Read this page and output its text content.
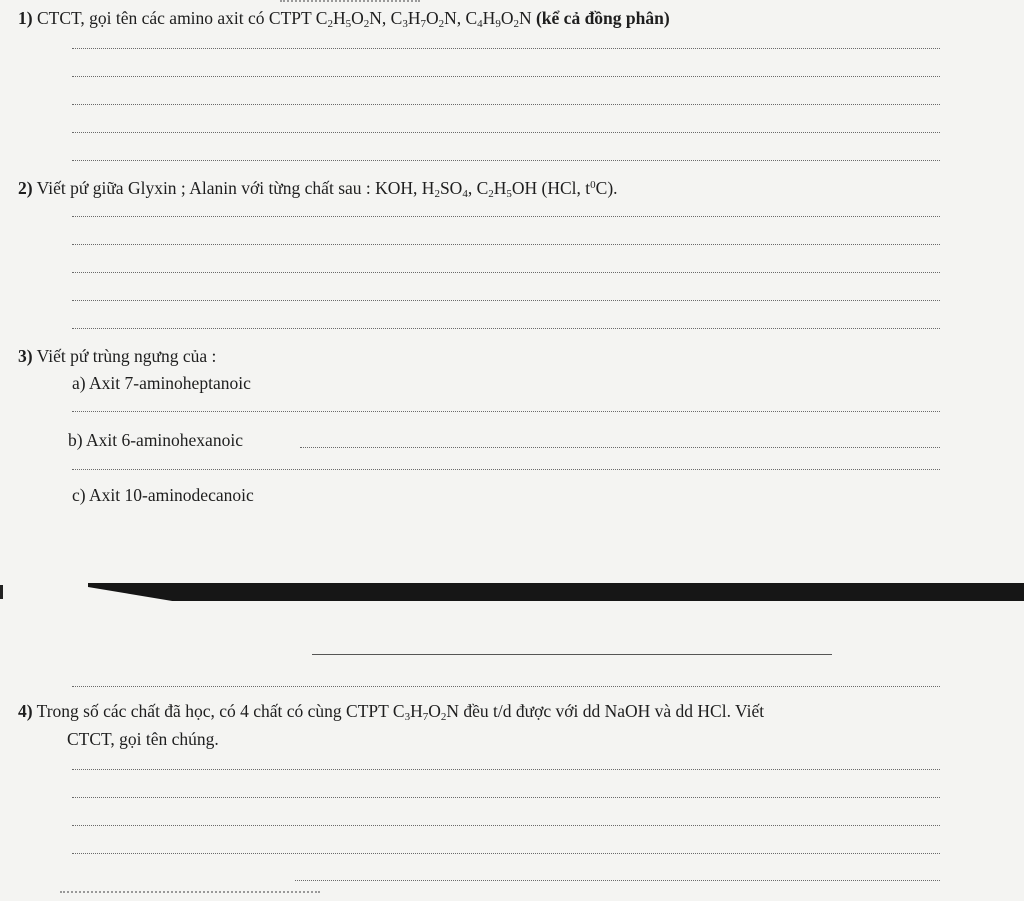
1) CTCT, gọi tên các amino axit có CTPT $C_2H_5O_2N$, $C_3H_7O_2N$, $C_4H_9O_2N$ (kể cả đồng phân)
2) Viết pứ giữa Glyxin ; Alanin với từng chất sau : KOH, $H_2SO_4$, $C_2H_5OH$ (HCl, $t^0C$).
3) Viết pứ trùng ngưng của :
a) Axit 7-aminoheptanoic
b) Axit 6-aminohexanoic
c) Axit 10-aminodecanoic
4) Trong số các chất đã học, có 4 chất có cùng CTPT $C_3H_7O_2N$ đều t/d được với dd NaOH và dd HCl. Viết
CTCT, gọi tên chúng.
